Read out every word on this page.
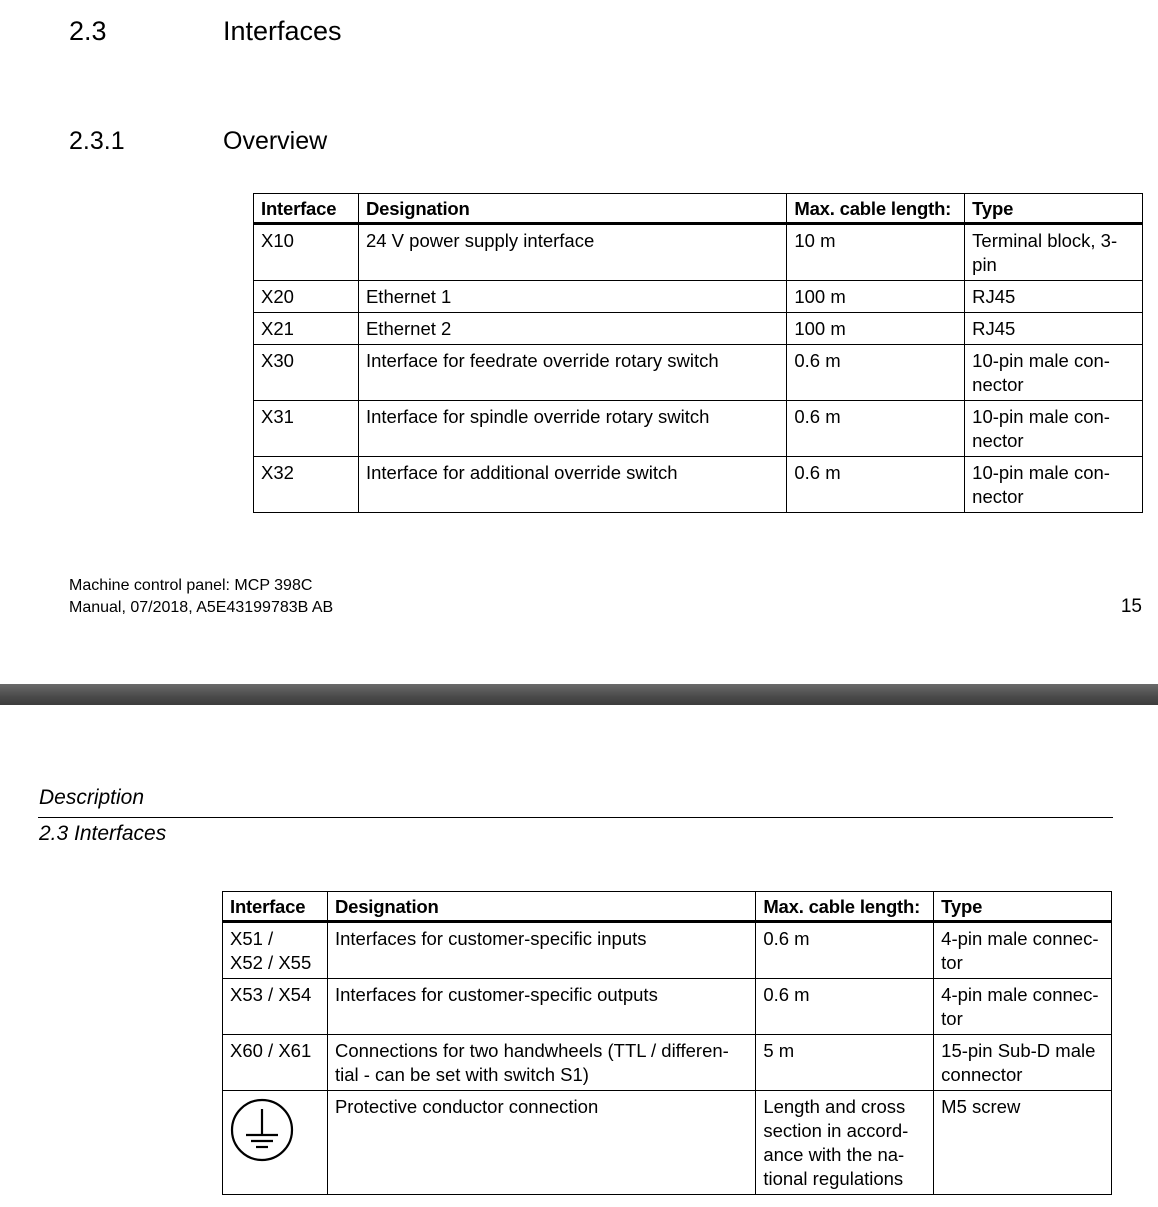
2.3	Interfaces
2.3.1	Overview
Interface	Designation	Max. cable length:	Type
X10	24 V power supply interface	10 m	Terminal block, 3-
pin
X20	Ethernet 1	100 m	RJ45
X21	Ethernet 2	100 m	RJ45
X30	Interface for feedrate override rotary switch	0.6 m	10-pin male con-
nector
X31	Interface for spindle override rotary switch	0.6 m	10-pin male con-
nector
X32	Interface for additional override switch	0.6 m	10-pin male con-
nector
Machine control panel: MCP 398C
Manual, 07/2018, A5E43199783B AB	15
Description
2.3 Interfaces
Interface	Designation	Max. cable length:	Type
X51 /
X52 / X55	Interfaces for customer-specific inputs	0.6 m	4-pin male connec-
tor
X53 / X54	Interfaces for customer-specific outputs	0.6 m	4-pin male connec-
tor
X60 / X61	Connections for two handwheels (TTL / differen-
tial - can be set with switch S1)	5 m	15-pin Sub-D male
connector
	Protective conductor connection	Length and cross
section in accord-
ance with the na-
tional regulations	M5 screw
